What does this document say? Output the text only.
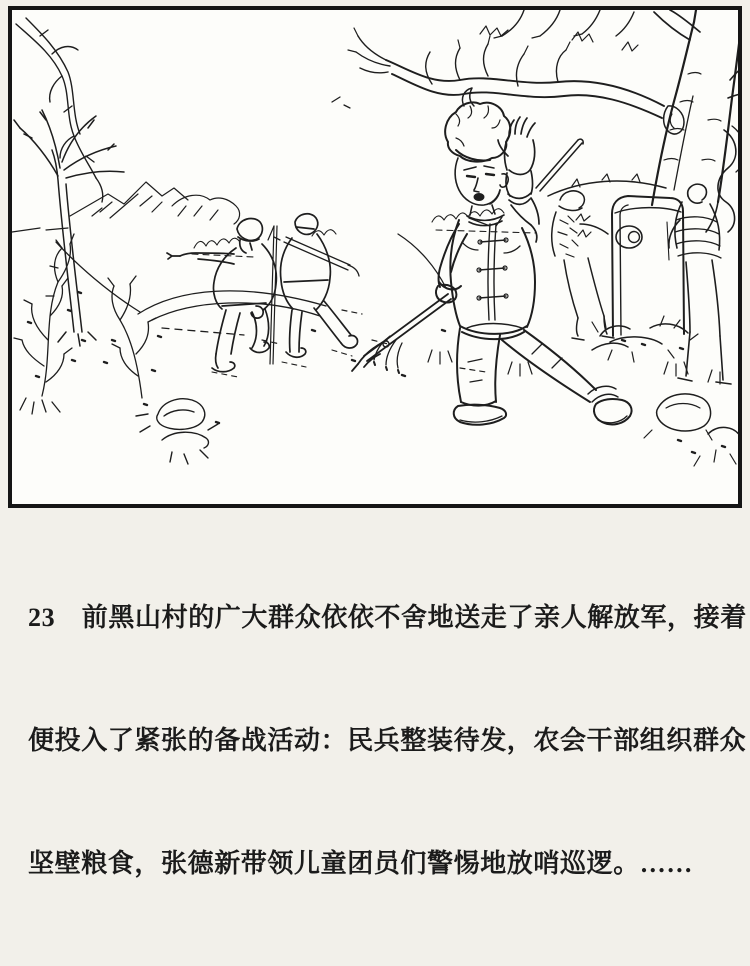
23　前黑山村的广大群众依依不舍地送走了亲人解放军，接着

便投入了紧张的备战活动：民兵整装待发，农会干部组织群众

坚壁粮食，张德新带领儿童团员们警惕地放哨巡逻。……
